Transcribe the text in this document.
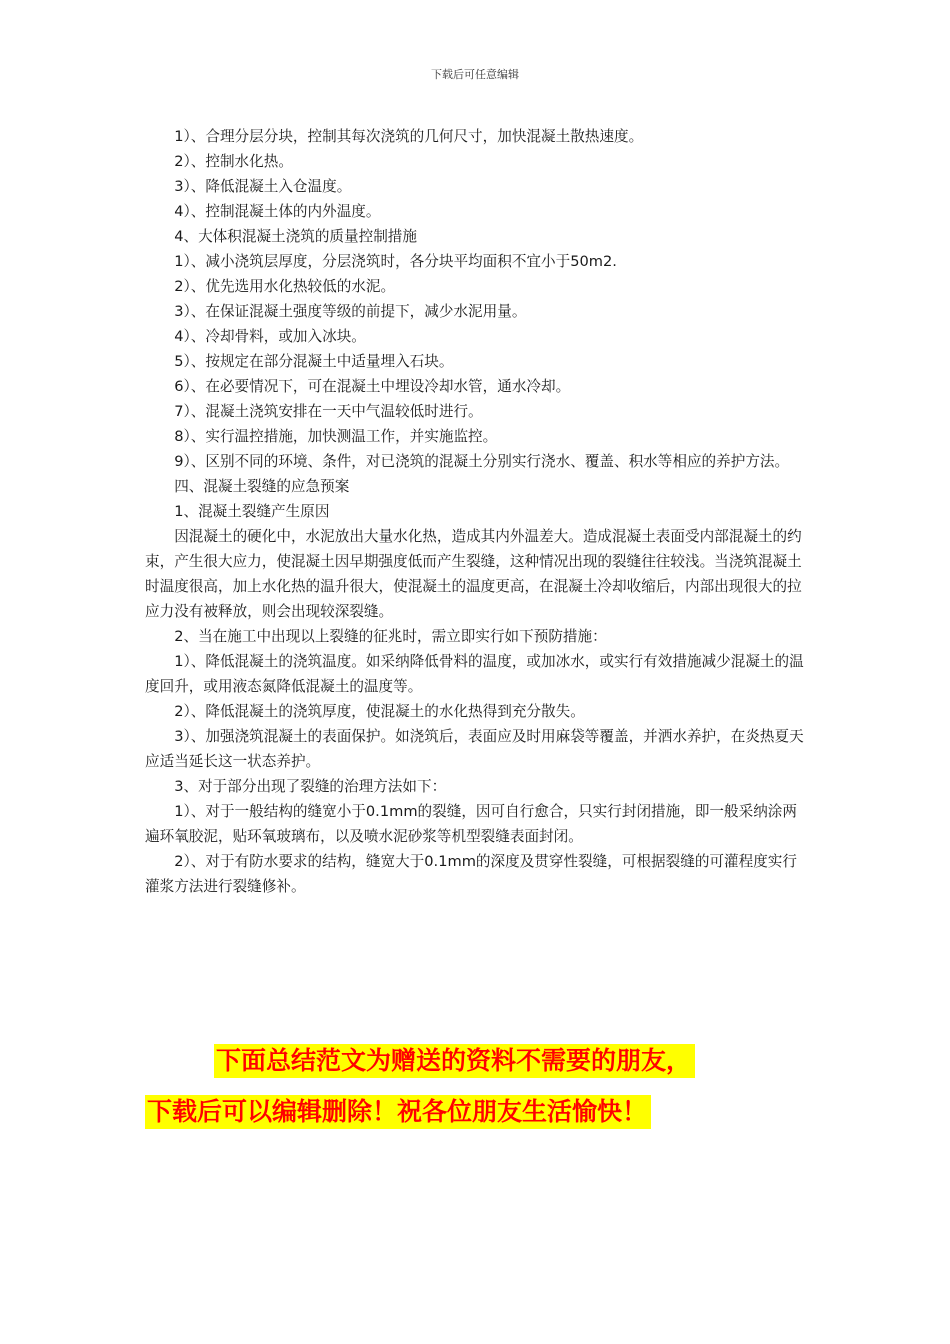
下载后可任意编辑

1）、合理分层分块，控制其每次浇筑的几何尺寸，加快混凝土散热速度。

2）、控制水化热。

3）、降低混凝土入仓温度。

4）、控制混凝土体的内外温度。

4、大体积混凝土浇筑的质量控制措施

1）、减小浇筑层厚度，分层浇筑时，各分块平均面积不宜小于50m2.

2）、优先选用水化热较低的水泥。

3）、在保证混凝土强度等级的前提下，减少水泥用量。

4）、冷却骨料，或加入冰块。

5）、按规定在部分混凝土中适量埋入石块。

6）、在必要情况下，可在混凝土中埋设冷却水管，通水冷却。

7）、混凝土浇筑安排在一天中气温较低时进行。

8）、实行温控措施，加快测温工作，并实施监控。

9）、区别不同的环境、条件，对已浇筑的混凝土分别实行浇水、覆盖、积水等相应的养护方法。

四、混凝土裂缝的应急预案

1、混凝土裂缝产生原因

因混凝土的硬化中，水泥放出大量水化热，造成其内外温差大。造成混凝土表面受内部混凝土的约束，产生很大应力，使混凝土因早期强度低而产生裂缝，这种情况出现的裂缝往往较浅。当浇筑混凝土时温度很高，加上水化热的温升很大，使混凝土的温度更高，在混凝土冷却收缩后，内部出现很大的拉应力没有被释放，则会出现较深裂缝。

2、当在施工中出现以上裂缝的征兆时，需立即实行如下预防措施：

1）、降低混凝土的浇筑温度。如采纳降低骨料的温度，或加冰水，或实行有效措施减少混凝土的温度回升，或用液态氮降低混凝土的温度等。

2）、降低混凝土的浇筑厚度，使混凝土的水化热得到充分散失。

3）、加强浇筑混凝土的表面保护。如浇筑后，表面应及时用麻袋等覆盖，并洒水养护，在炎热夏天应适当延长这一状态养护。

3、对于部分出现了裂缝的治理方法如下：

1）、对于一般结构的缝宽小于0.1mm的裂缝，因可自行愈合，只实行封闭措施，即一般采纳涂两遍环氧胶泥，贴环氧玻璃布，以及喷水泥砂浆等机型裂缝表面封闭。

2）、对于有防水要求的结构，缝宽大于0.1mm的深度及贯穿性裂缝，可根据裂缝的可灌程度实行灌浆方法进行裂缝修补。

下面总结范文为赠送的资料不需要的朋友，
下载后可以编辑删除！祝各位朋友生活愉快！
